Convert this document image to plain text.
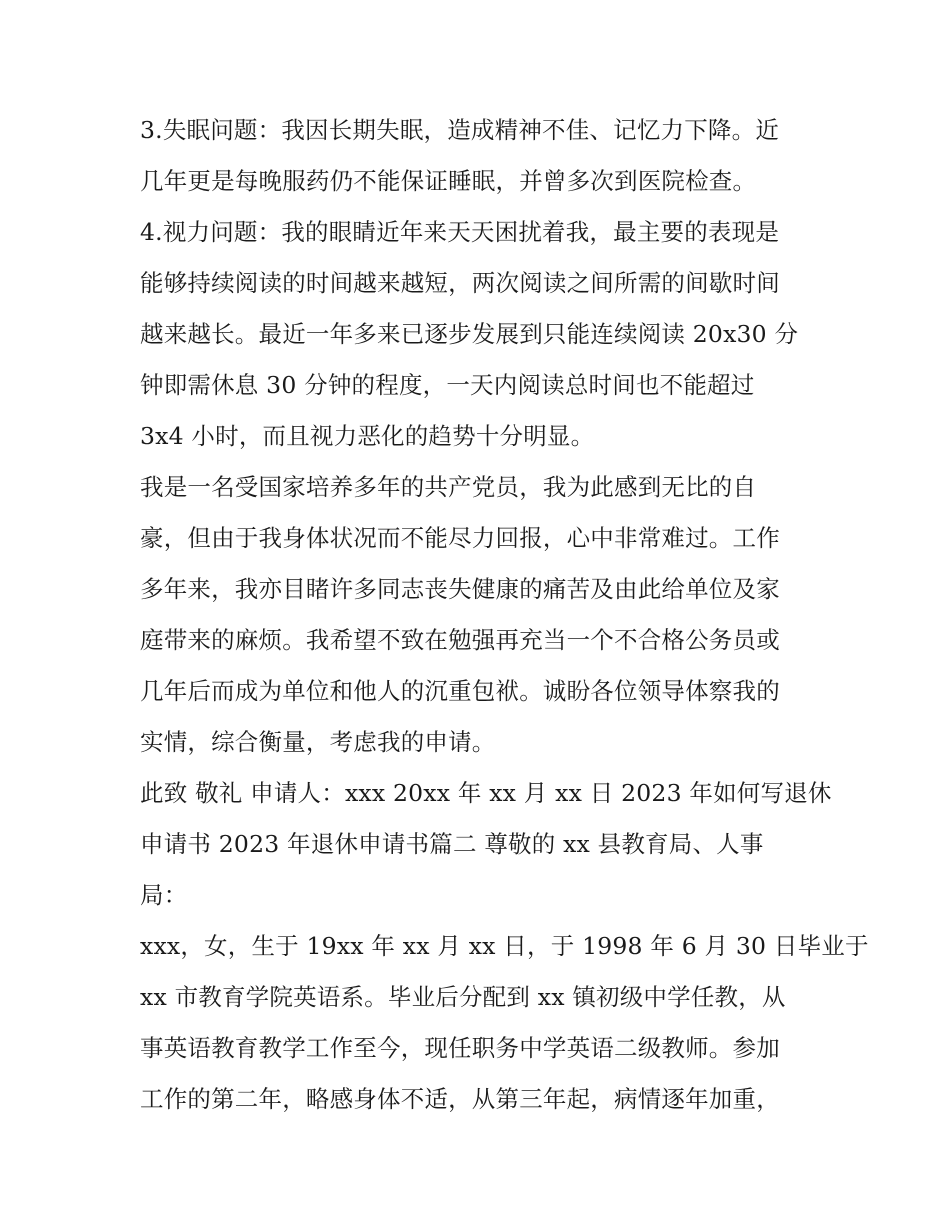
3.失眠问题：我因长期失眠，造成精神不佳、记忆力下降。近
几年更是每晚服药仍不能保证睡眠，并曾多次到医院检查。
4.视力问题：我的眼睛近年来天天困扰着我，最主要的表现是
能够持续阅读的时间越来越短，两次阅读之间所需的间歇时间
越来越长。最近一年多来已逐步发展到只能连续阅读 20x30 分
钟即需休息 30 分钟的程度，一天内阅读总时间也不能超过
3x4 小时，而且视力恶化的趋势十分明显。
我是一名受国家培养多年的共产党员，我为此感到无比的自
豪，但由于我身体状况而不能尽力回报，心中非常难过。工作
多年来，我亦目睹许多同志丧失健康的痛苦及由此给单位及家
庭带来的麻烦。我希望不致在勉强再充当一个不合格公务员或
几年后而成为单位和他人的沉重包袱。诚盼各位领导体察我的
实情，综合衡量，考虑我的申请。
此致 敬礼 申请人：xxx 20xx 年 xx 月 xx 日 2023 年如何写退休
申请书 2023 年退休申请书篇二 尊敬的 xx 县教育局、人事
局：
xxx，女，生于 19xx 年 xx 月 xx 日，于 1998 年 6 月 30 日毕业于
xx 市教育学院英语系。毕业后分配到 xx 镇初级中学任教，从
事英语教育教学工作至今，现任职务中学英语二级教师。参加
工作的第二年，略感身体不适，从第三年起，病情逐年加重，
